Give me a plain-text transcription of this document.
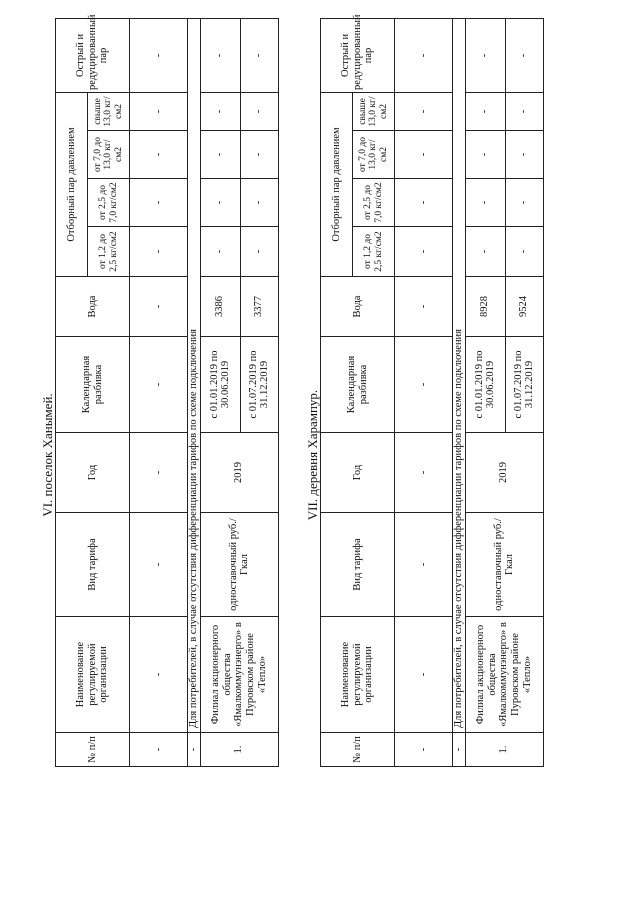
VI. поселок Ханымей.
№ п/п	Наименование регулируемой организации	Вид тарифа	Год	Календарная разбивка	Вода	Отборный пар давлением				Острый и редуцированный пар
						от 1,2 до 2,5 кг/см2	от 2,5 до 7,0 кг/см2	от 7,0 до 13,0 кг/см2	свыше 13,0 кг/см2	
-	-	-	-	-	-	-	-	-	-	-
-	Для потребителей, в случае отсутствия дифференциации тарифов по схеме подключения									
1.	Филиал акционерного общества «Ямалкоммунэнерго» в Пуровском районе «Тепло»	одноставочный руб./Гкал	2019	с 01.01.2019 по 30.06.2019	3386	-	-	-	-	-
				с 01.07.2019 по 31.12.2019	3377	-	-	-	-	-
VII. деревня Харампур.
№ п/п	Наименование регулируемой организации	Вид тарифа	Год	Календарная разбивка	Вода	Отборный пар давлением				Острый и редуцированный пар
						от 1,2 до 2,5 кг/см2	от 2,5 до 7,0 кг/см2	от 7,0 до 13,0 кг/см2	свыше 13,0 кг/см2	
-	-	-	-	-	-	-	-	-	-	-
-	Для потребителей, в случае отсутствия дифференциации тарифов по схеме подключения									
1.	Филиал акционерного общества «Ямалкоммунэнерго» в Пуровском районе «Тепло»	одноставочный руб./Гкал	2019	с 01.01.2019 по 30.06.2019	8928	-	-	-	-	-
				с 01.07.2019 по 31.12.2019	9524	-	-	-	-	-
